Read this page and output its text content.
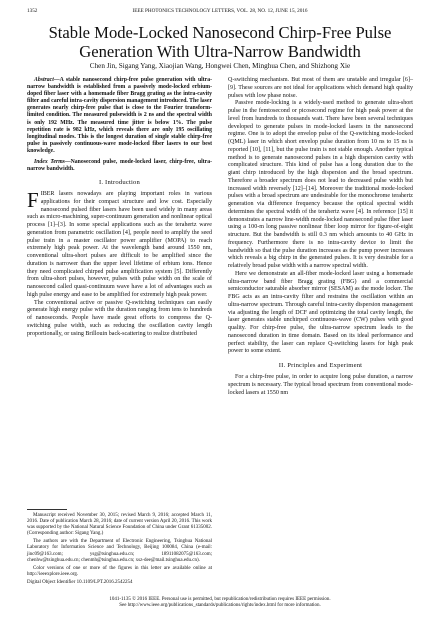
1352	IEEE PHOTONICS TECHNOLOGY LETTERS, VOL. 28, NO. 12, JUNE 15, 2016
Stable Mode-Locked Nanosecond Chirp-Free Pulse Generation With Ultra-Narrow Bandwidth
Chen Jin, Sigang Yang, Xiaojian Wang, Hongwei Chen, Minghua Chen, and Shizhong Xie

Abstract—A stable nanosecond chirp-free pulse generation with ultra-narrow bandwidth is established from a passively mode-locked erbium-doped fiber laser with a homemade fiber Bragg grating as the intra-cavity filter and careful intra-cavity dispersion management introduced. The laser generates nearly chirp-free pulse that is close to the Fourier transform-limited condition. The measured pulsewidth is 2 ns and the spectral width is only 192 MHz. The measured time jitter is below 1%. The pulse repetition rate is 982 kHz, which reveals there are only 195 oscillating longitudinal modes. This is the longest duration of single stable chirp-free pulse in passively continuous-wave mode-locked fiber lasers to our best knowledge.

Index Terms—Nanosecond pulse, mode-locked laser, chirp-free, ultra-narrow bandwidth.

I. Introduction

FIBER lasers nowadays are playing important roles in various applications for their compact structure and low cost. Especially nanosecond pulsed fiber lasers have been used widely in many areas such as micro-machining, super-continuum generation and nonlinear optical process [1]–[3]. In some special applications such as the terahertz wave generation from parametric oscillation [4], people need to amplify the seed pulse train in a master oscillator power amplifier (MOPA) to reach extremely high peak power. At the wavelength band around 1550 nm, conventional ultra-short pulses are difficult to be amplified since the duration is narrower than the upper level lifetime of erbium ions. Hence they need complicated chirped pulse amplification system [5]. Differently from ultra-short pulses, however, pulses with pulse width on the scale of nanosecond called quasi-continuum wave have a lot of advantages such as high pulse energy and ease to be amplified for extremely high peak power.

The conventional active or passive Q-switching techniques can easily generate high energy pulse with the duration ranging from tens to hundreds of nanoseconds. People have made great efforts to compress the Q-switching pulse width, such as reducing the oscillation cavity length proportionally, or using Brillouin back-scattering to realize distributed

Manuscript received November 30, 2015; revised March 9, 2016; accepted March 11, 2016. Date of publication March 28, 2016; date of current version April 20, 2016. This work was supported by the National Natural Science Foundation of China under Grant 61335002. (Corresponding author: Sigang Yang.)

The authors are with the Department of Electronic Engineering, Tsinghua National Laboratory for Information Science and Technology, Beijing 100084, China (e-mail: jinc09@163.com; ysg@tsinghua.edu.cn; 18911082075@163.com; chenhw@tsinghua.edu.cn; chenmh@tsinghua.edu.cn; xsz-dee@mail.tsinghua.edu.cn).

Color versions of one or more of the figures in this letter are available online at http://ieeexplore.ieee.org.

Digital Object Identifier 10.1109/LPT.2016.2542254

Q-switching mechanism. But most of them are unstable and irregular [6]–[9]. These sources are not ideal for applications which demand high quality pulses with low phase noise.

Passive mode-locking is a widely-used method to generate ultra-short pulse in the femtosecond or picosecond regime for high peak power at the level from hundreds to thousands watt. There have been several techniques developed to generate pulses in mode-locked lasers in the nanosecond regime. One is to adopt the envelop pulse of the Q-switching mode-locked (QML) laser in which short envelop pulse duration from 10 ns to 15 ns is reported [10], [11], but the pulse train is not stable enough. Another typical method is to generate nanosecond pulses in a high dispersion cavity with complicated structure. This kind of pulse has a long duration due to the giant chirp introduced by the high dispersion and the broad spectrum. Therefore a broader spectrum does not lead to decreased pulse width but increased width reversely [12]–[14]. Moreover the traditional mode-locked pulses with a broad spectrum are undesirable for the monochrome terahertz generation via difference frequency because the optical spectral width determines the spectral width of the terahertz wave [4]. In reference [15] it demonstrates a narrow line-width mode-locked nanosecond pulse fiber laser using a 100-m long passive nonlinear fiber loop mirror for figure-of-eight structure. But the bandwidth is still 0.3 nm which amounts to 40 GHz in frequency. Furthermore there is no intra-cavity device to limit the bandwidth so that the pulse duration increases as the pump power increases which reveals a big chirp in the generated pulses. It is very desirable for a relatively broad pulse width with a narrow spectral width.

Here we demonstrate an all-fiber mode-locked laser using a homemade ultra-narrow band fiber Bragg grating (FBG) and a commercial semiconductor saturable absorber mirror (SESAM) as the mode locker. The FBG acts as an intra-cavity filter and restrains the oscillation within an ultra-narrow spectrum. Through careful intra-cavity dispersion management via adjusting the length of DCF and optimizing the total cavity length, the laser generates stable unchirped continuous-wave (CW) pulses with good quality. For chirp-free pulse, the ultra-narrow spectrum leads to the nanosecond duration in time domain. Based on its ideal performance and perfect stability, the laser can replace Q-switching lasers for high peak power to some extent.

II. Principles and Experiment

For a chirp-free pulse, in order to acquire long pulse duration, a narrow spectrum is necessary. The typical broad spectrum from conventional mode-locked lasers at 1550 nm

1041-1135 © 2016 IEEE. Personal use is permitted, but republication/redistribution requires IEEE permission.
See http://www.ieee.org/publications_standards/publications/rights/index.html for more information.
